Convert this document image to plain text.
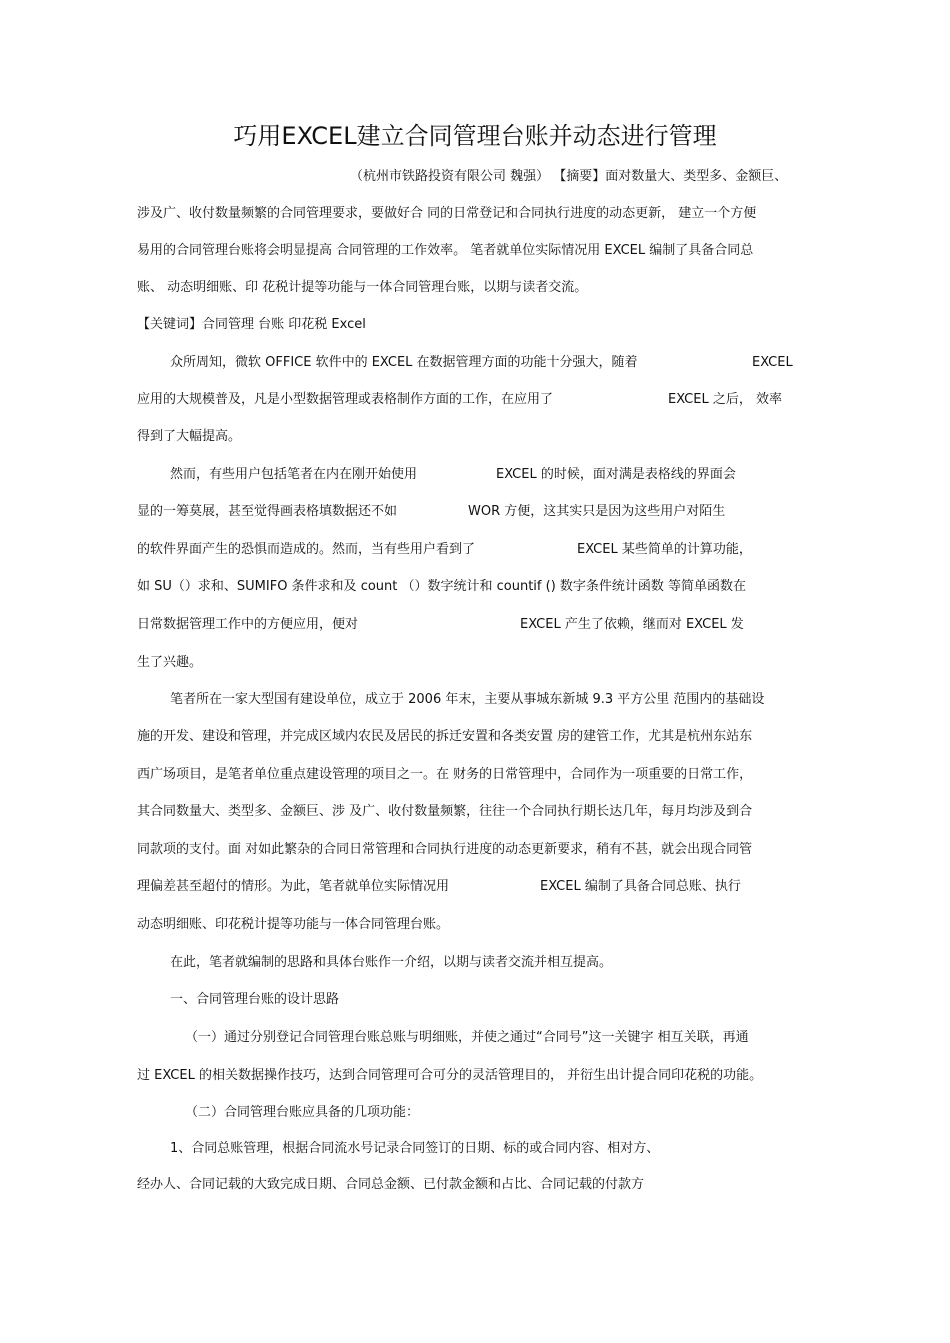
巧用EXCEL建立合同管理台账并动态进行管理
（杭州市铁路投资有限公司 魏强） 【摘要】面对数量大、类型多、金额巨、
涉及广、收付数量频繁的合同管理要求，要做好合 同的日常登记和合同执行进度的动态更新， 建立一个方便
易用的合同管理台账将会明显提高 合同管理的工作效率。 笔者就单位实际情况用 EXCEL 编制了具备合同总
账、 动态明细账、印 花税计提等功能与一体合同管理台账，以期与读者交流。
【关键词】合同管理 台账 印花税 Excel
众所周知，微软 OFFICE 软件中的 EXCEL 在数据管理方面的功能十分强大，随着	EXCEL
应用的大规模普及，凡是小型数据管理或表格制作方面的工作，在应用了	EXCEL 之后， 效率
得到了大幅提高。
然而，有些用户包括笔者在内在刚开始使用	EXCEL 的时候，面对满是表格线的界面会
显的一筹莫展，甚至觉得画表格填数据还不如	WOR 方便，这其实只是因为这些用户对陌生
的软件界面产生的恐惧而造成的。然而，当有些用户看到了	EXCEL 某些简单的计算功能，
如 SU（）求和、SUMIFO 条件求和及 count （）数字统计和 countif () 数字条件统计函数 等简单函数在
日常数据管理工作中的方便应用，便对	EXCEL 产生了依赖，继而对 EXCEL 发
生了兴趣。
笔者所在一家大型国有建设单位，成立于 2006 年末，主要从事城东新城 9.3 平方公里 范围内的基础设
施的开发、建设和管理，并完成区域内农民及居民的拆迁安置和各类安置 房的建管工作，尤其是杭州东站东
西广场项目，是笔者单位重点建设管理的项目之一。在 财务的日常管理中，合同作为一项重要的日常工作，
其合同数量大、类型多、金额巨、涉 及广、收付数量频繁，往往一个合同执行期长达几年，每月均涉及到合
同款项的支付。面 对如此繁杂的合同日常管理和合同执行进度的动态更新要求，稍有不甚，就会出现合同管
理偏差甚至超付的情形。为此，笔者就单位实际情况用	EXCEL 编制了具备合同总账、执行
动态明细账、印花税计提等功能与一体合同管理台账。
在此，笔者就编制的思路和具体台账作一介绍，以期与读者交流并相互提高。
一、合同管理台账的设计思路
（一）通过分别登记合同管理台账总账与明细账，并使之通过“合同号”这一关键字 相互关联，再通
过 EXCEL 的相关数据操作技巧，达到合同管理可合可分的灵活管理目的， 并衍生出计提合同印花税的功能。
（二）合同管理台账应具备的几项功能：
1、合同总账管理，根据合同流水号记录合同签订的日期、标的或合同内容、相对方、
经办人、合同记载的大致完成日期、合同总金额、已付款金额和占比、合同记载的付款方
